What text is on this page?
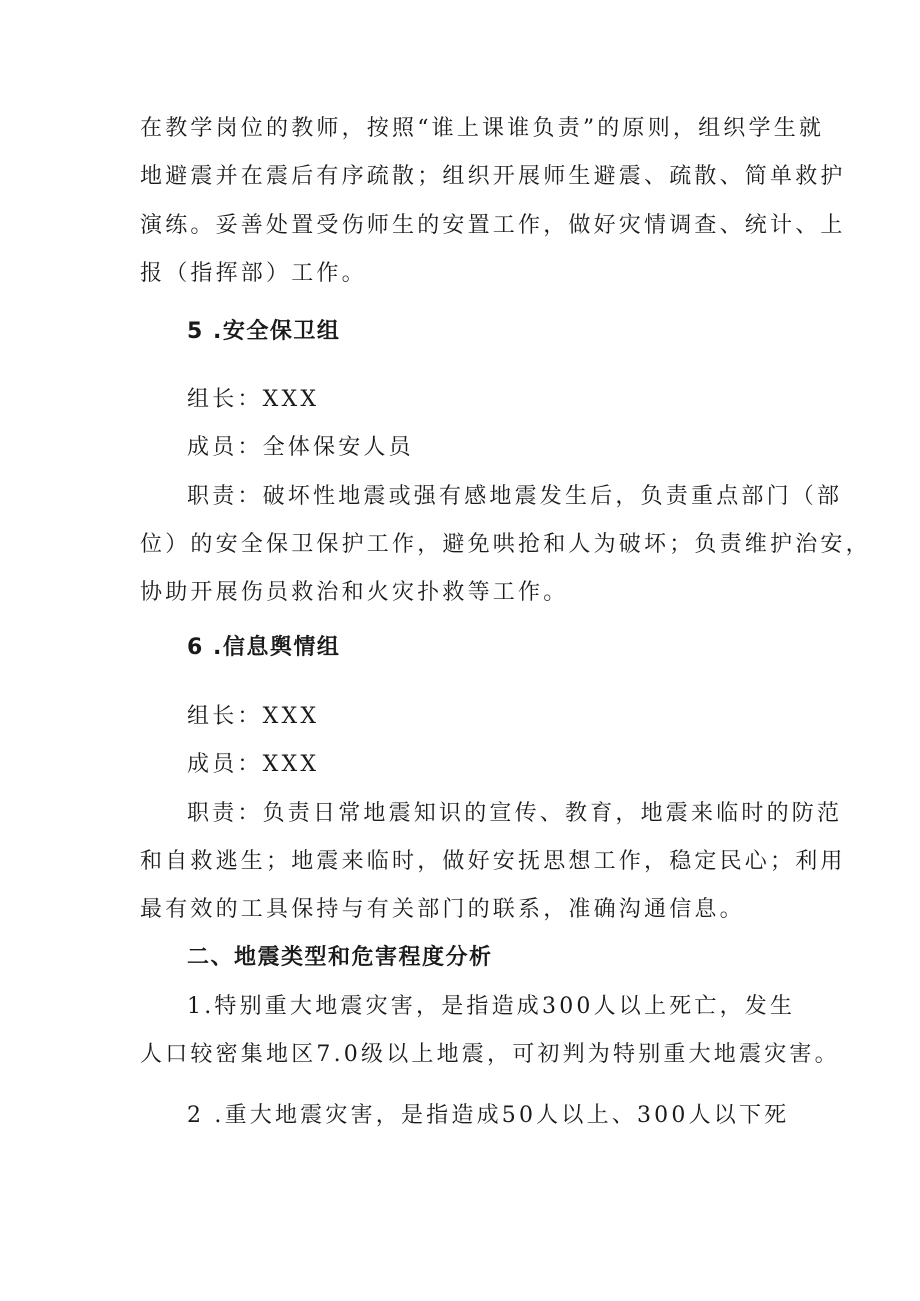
在教学岗位的教师，按照“谁上课谁负责”的原则，组织学生就
地避震并在震后有序疏散；组织开展师生避震、疏散、简单救护
演练。妥善处置受伤师生的安置工作，做好灾情调查、统计、上
报（指挥部）工作。
5 .安全保卫组
组长：XXX
成员：全体保安人员
职责：破坏性地震或强有感地震发生后，负责重点部门（部
位）的安全保卫保护工作，避免哄抢和人为破坏；负责维护治安，
协助开展伤员救治和火灾扑救等工作。
6 .信息舆情组
组长：XXX
成员：XXX
职责：负责日常地震知识的宣传、教育，地震来临时的防范
和自救逃生；地震来临时，做好安抚思想工作，稳定民心；利用
最有效的工具保持与有关部门的联系，准确沟通信息。
二、地震类型和危害程度分析
1.特别重大地震灾害，是指造成300人以上死亡，发生
人口较密集地区7.0级以上地震，可初判为特别重大地震灾害。
2 .重大地震灾害，是指造成50人以上、300人以下死
